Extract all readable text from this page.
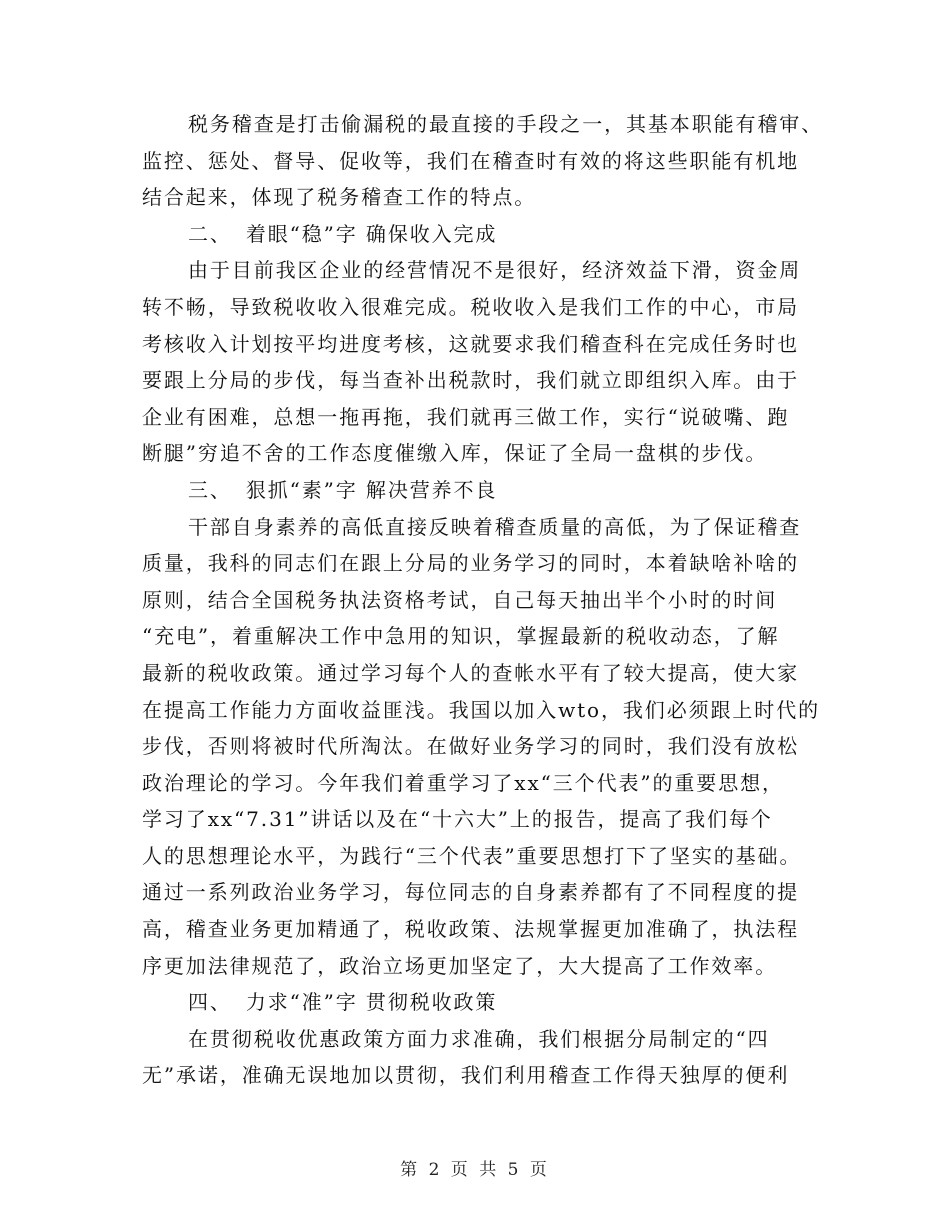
税务稽查是打击偷漏税的最直接的手段之一，其基本职能有稽审、
监控、惩处、督导、促收等，我们在稽查时有效的将这些职能有机地
结合起来，体现了税务稽查工作的特点。
二、 着眼“稳”字 确保收入完成
由于目前我区企业的经营情况不是很好，经济效益下滑，资金周
转不畅，导致税收收入很难完成。税收收入是我们工作的中心，市局
考核收入计划按平均进度考核，这就要求我们稽查科在完成任务时也
要跟上分局的步伐，每当查补出税款时，我们就立即组织入库。由于
企业有困难，总想一拖再拖，我们就再三做工作，实行“说破嘴、跑
断腿”穷追不舍的工作态度催缴入库，保证了全局一盘棋的步伐。
三、 狠抓“素”字 解决营养不良
干部自身素养的高低直接反映着稽查质量的高低，为了保证稽查
质量，我科的同志们在跟上分局的业务学习的同时，本着缺啥补啥的
原则，结合全国税务执法资格考试，自己每天抽出半个小时的时间
“充电”，着重解决工作中急用的知识，掌握最新的税收动态，了解
最新的税收政策。通过学习每个人的查帐水平有了较大提高，使大家
在提高工作能力方面收益匪浅。我国以加入wto，我们必须跟上时代的
步伐，否则将被时代所淘汰。在做好业务学习的同时，我们没有放松
政治理论的学习。今年我们着重学习了xx“三个代表”的重要思想，
学习了xx“7.31”讲话以及在“十六大”上的报告，提高了我们每个
人的思想理论水平，为践行“三个代表”重要思想打下了坚实的基础。
通过一系列政治业务学习，每位同志的自身素养都有了不同程度的提
高，稽查业务更加精通了，税收政策、法规掌握更加准确了，执法程
序更加法律规范了，政治立场更加坚定了，大大提高了工作效率。
四、 力求“准”字 贯彻税收政策
在贯彻税收优惠政策方面力求准确，我们根据分局制定的“四
无”承诺，准确无误地加以贯彻，我们利用稽查工作得天独厚的便利
第 2 页 共 5 页
